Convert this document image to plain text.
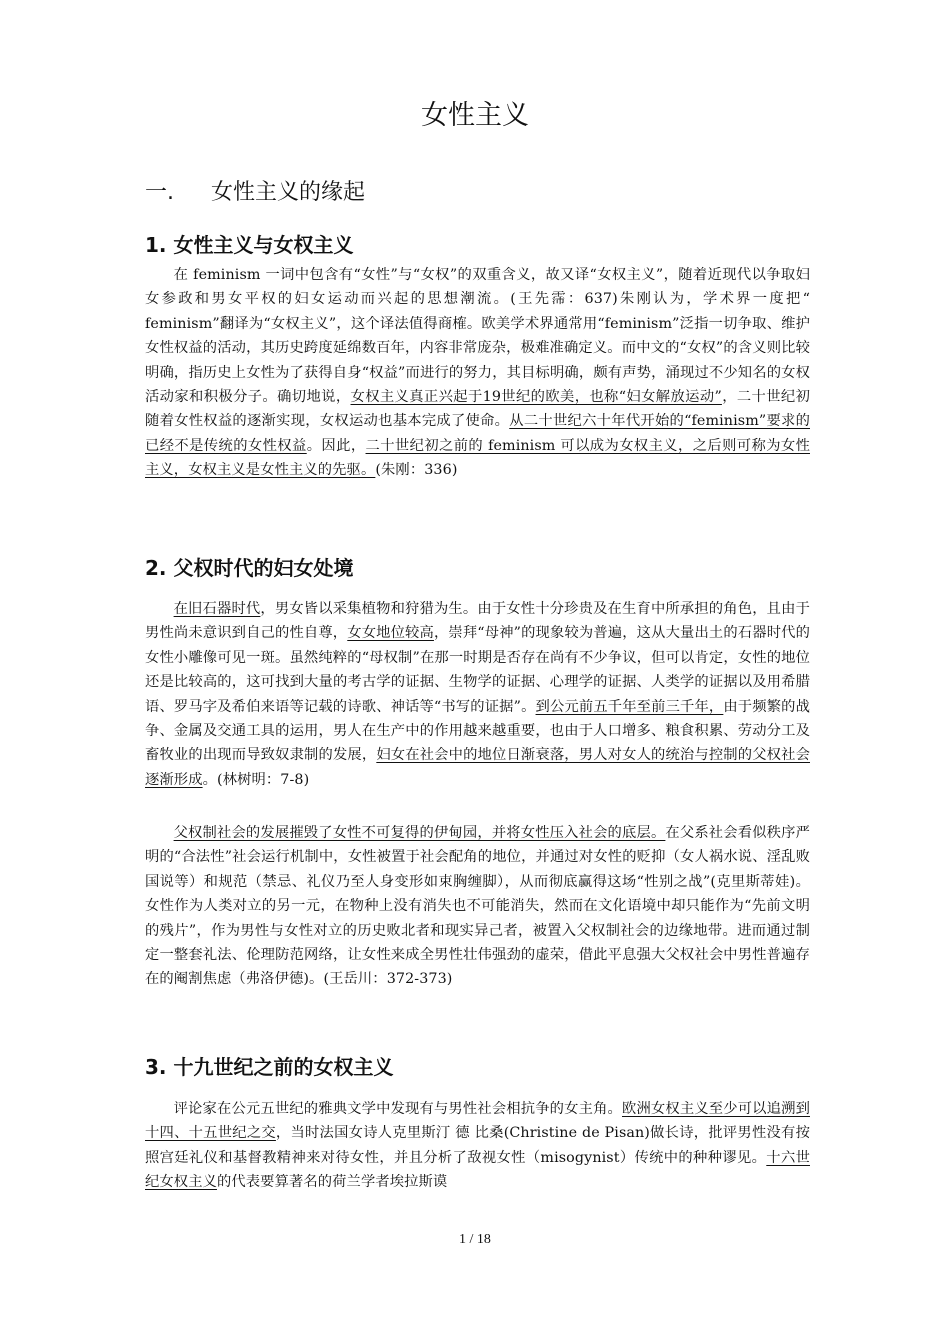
女性主义
一. 女性主义的缘起
1. 女性主义与女权主义

在 feminism 一词中包含有“女性”与“女权”的双重含义，故又译“女权主义”，随着近现代以争取妇女参政和男女平权的妇女运动而兴起的思想潮流。(王先霈：637)朱刚认为，学术界一度把“ feminism”翻译为“女权主义”，这个译法值得商榷。欧美学术界通常用“feminism”泛指一切争取、维护女性权益的活动，其历史跨度延绵数百年，内容非常庞杂，极难准确定义。而中文的“女权”的含义则比较明确，指历史上女性为了获得自身“权益”而进行的努力，其目标明确，颇有声势，涌现过不少知名的女权活动家和积极分子。确切地说，女权主义真正兴起于19世纪的欧美，也称“妇女解放运动”，二十世纪初随着女性权益的逐渐实现，女权运动也基本完成了使命。从二十世纪六十年代开始的“feminism”要求的已经不是传统的女性权益。因此，二十世纪初之前的 feminism 可以成为女权主义，之后则可称为女性主义，女权主义是女性主义的先驱。(朱刚：336)

2. 父权时代的妇女处境

在旧石器时代，男女皆以采集植物和狩猎为生。由于女性十分珍贵及在生育中所承担的角色，且由于男性尚未意识到自己的性自尊，女女地位较高，崇拜“母神”的现象较为普遍，这从大量出土的石器时代的女性小雕像可见一斑。虽然纯粹的“母权制”在那一时期是否存在尚有不少争议，但可以肯定，女性的地位还是比较高的，这可找到大量的考古学的证据、生物学的证据、心理学的证据、人类学的证据以及用希腊语、罗马字及希伯来语等记载的诗歌、神话等“书写的证据”。到公元前五千年至前三千年，由于频繁的战争、金属及交通工具的运用，男人在生产中的作用越来越重要，也由于人口增多、粮食积累、劳动分工及畜牧业的出现而导致奴隶制的发展，妇女在社会中的地位日渐衰落，男人对女人的统治与控制的父权社会逐渐形成。(林树明：7-8)

父权制社会的发展摧毁了女性不可复得的伊甸园，并将女性压入社会的底层。在父系社会看似秩序严明的“合法性”社会运行机制中，女性被置于社会配角的地位，并通过对女性的贬抑（女人祸水说、淫乱败国说等）和规范（禁忌、礼仪乃至人身变形如束胸缠脚），从而彻底赢得这场“性别之战”(克里斯蒂娃)。女性作为人类对立的另一元，在物种上没有消失也不可能消失，然而在文化语境中却只能作为“先前文明的残片”，作为男性与女性对立的历史败北者和现实异己者，被置入父权制社会的边缘地带。进而通过制定一整套礼法、伦理防范网络，让女性来成全男性壮伟强劲的虚荣，借此平息强大父权社会中男性普遍存在的阉割焦虑（弗洛伊德)。(王岳川：372-373)

3. 十九世纪之前的女权主义

评论家在公元五世纪的雅典文学中发现有与男性社会相抗争的女主角。欧洲女权主义至少可以追溯到十四、十五世纪之交，当时法国女诗人克里斯汀 德 比桑(Christine de Pisan)做长诗，批评男性没有按照宫廷礼仪和基督教精神来对待女性，并且分析了敌视女性（misogynist）传统中的种种谬见。十六世纪女权主义的代表要算著名的荷兰学者埃拉斯谟

1 / 18
